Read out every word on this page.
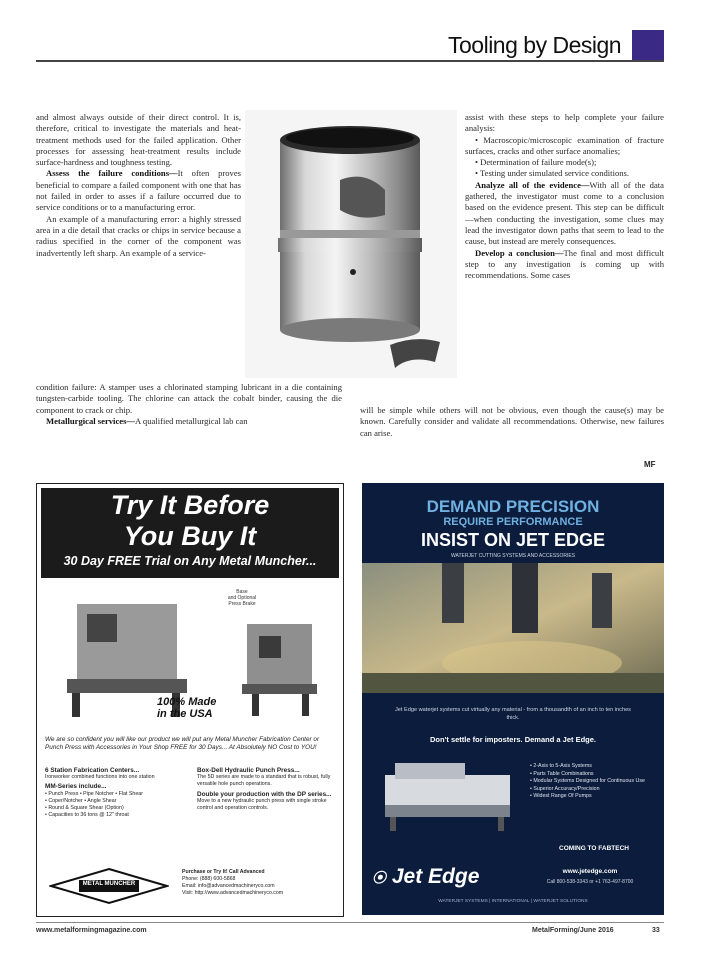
Tooling by Design

and almost always outside of their direct control. It is, therefore, critical to investigate the materials and heat-treatment methods used for the failed application. Other processes for assessing heat-treatment results include surface-hardness and toughness testing.

Assess the failure conditions—It often proves beneficial to compare a failed component with one that has not failed in order to asses if a failure occurred due to service conditions or to a manufacturing error.

An example of a manufacturing error: a highly stressed area in a die detail that cracks or chips in service because a radius specified in the corner of the component was inadvertently left sharp. An example of a service-

assist with these steps to help complete your failure analysis:

• Macroscopic/microscopic examination of fracture surfaces, cracks and other surface anomalies;

• Determination of failure mode(s);

• Testing under simulated service conditions.

Analyze all of the evidence—With all of the data gathered, the investigator must come to a conclusion based on the evidence present. This step can be difficult—when conducting the investigation, some clues may lead the investigator down paths that seem to lead to the cause, but instead are merely consequences.

Develop a conclusion—The final and most difficult step to any investigation is coming up with recommendations. Some cases

condition failure: A stamper uses a chlorinated stamping lubricant in a die containing tungsten-carbide tooling. The chlorine can attack the cobalt binder, causing the die component to crack or chip.

Metallurgical services—A qualified metallurgical lab can

will be simple while others will not be obvious, even though the cause(s) may be known. Carefully consider and validate all recommendations. Otherwise, new failures can arise.

MF
Try It Before
You Buy It
30 Day FREE Trial on Any Metal Muncher...
Base
and Optional
Press Brake
100% Made
in the USA
We are so confident you will like our product we will put any Metal Muncher Fabrication Center or Punch Press with Accessories in Your Shop FREE for 30 Days... At Absolutely NO Cost to YOU!
6 Station Fabrication Centers...
Ironworker combined functions into one station
MM-Series include...
• Punch Press • Pipe Notcher • Flat Shear
• Coper/Notcher • Angle Shear
• Round & Square Shear (Option)
• Capacities to 36 tons @ 12" throat
Box-Dell Hydraulic Punch Press...
The 5D series are made to a standard that is robust, fully versatile hole punch operations.
Double your production with the DP series...
Move to a new hydraulic punch press with single stroke control and operation controls.
METAL MUNCHER
Purchase or Try It! Call Advanced
Phone: (888) 600-5868
Email: info@advancedmachineryco.com
Visit: http://www.advancedmachineryco.com
DEMAND PRECISION
REQUIRE PERFORMANCE
INSIST ON JET EDGE
WATERJET CUTTING SYSTEMS AND ACCESSORIES
Jet Edge waterjet systems cut virtually any material - from a thousandth of an inch to ten inches thick.
Don't settle for imposters. Demand a Jet Edge.
• 2-Axis to 5-Axis Systems
• Parts Table Combinations
• Modular Systems Designed for Continuous Use
• Superior Accuracy/Precision
• Widest Range Of Pumps
COMING TO FABTECH
⦿ Jet Edge	www.jetedge.com
Call 800-538-3343 or +1 763-497-8700
WATERJET SYSTEMS | INTERNATIONAL | WATERJET SOLUTIONS
www.metalformingmagazine.com	MetalForming/June 2016	33
